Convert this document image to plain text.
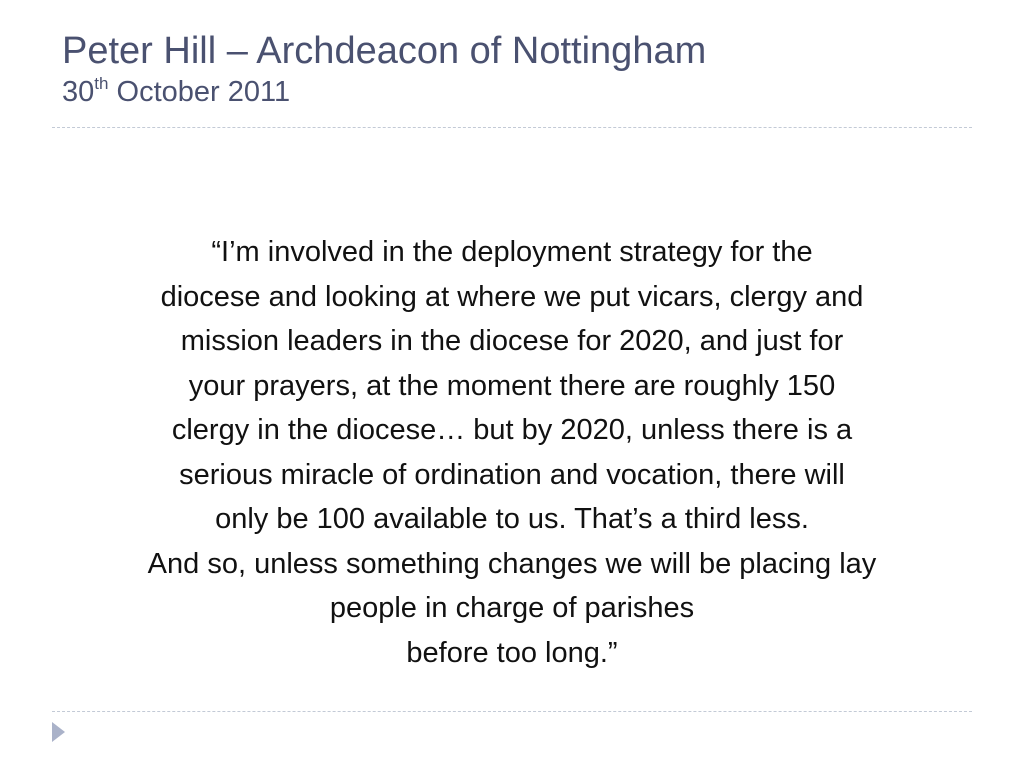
Peter Hill – Archdeacon of Nottingham
30th October 2011
“I’m involved in the deployment strategy for the
diocese and looking at where we put vicars, clergy and
mission leaders in the diocese for 2020, and just for
your prayers, at the moment there are roughly 150
clergy in the diocese… but by 2020, unless there is a
serious miracle of ordination and vocation, there will
only be 100 available to us. That’s a third less.
And so, unless something changes we will be placing lay
people in charge of parishes
before too long.”
